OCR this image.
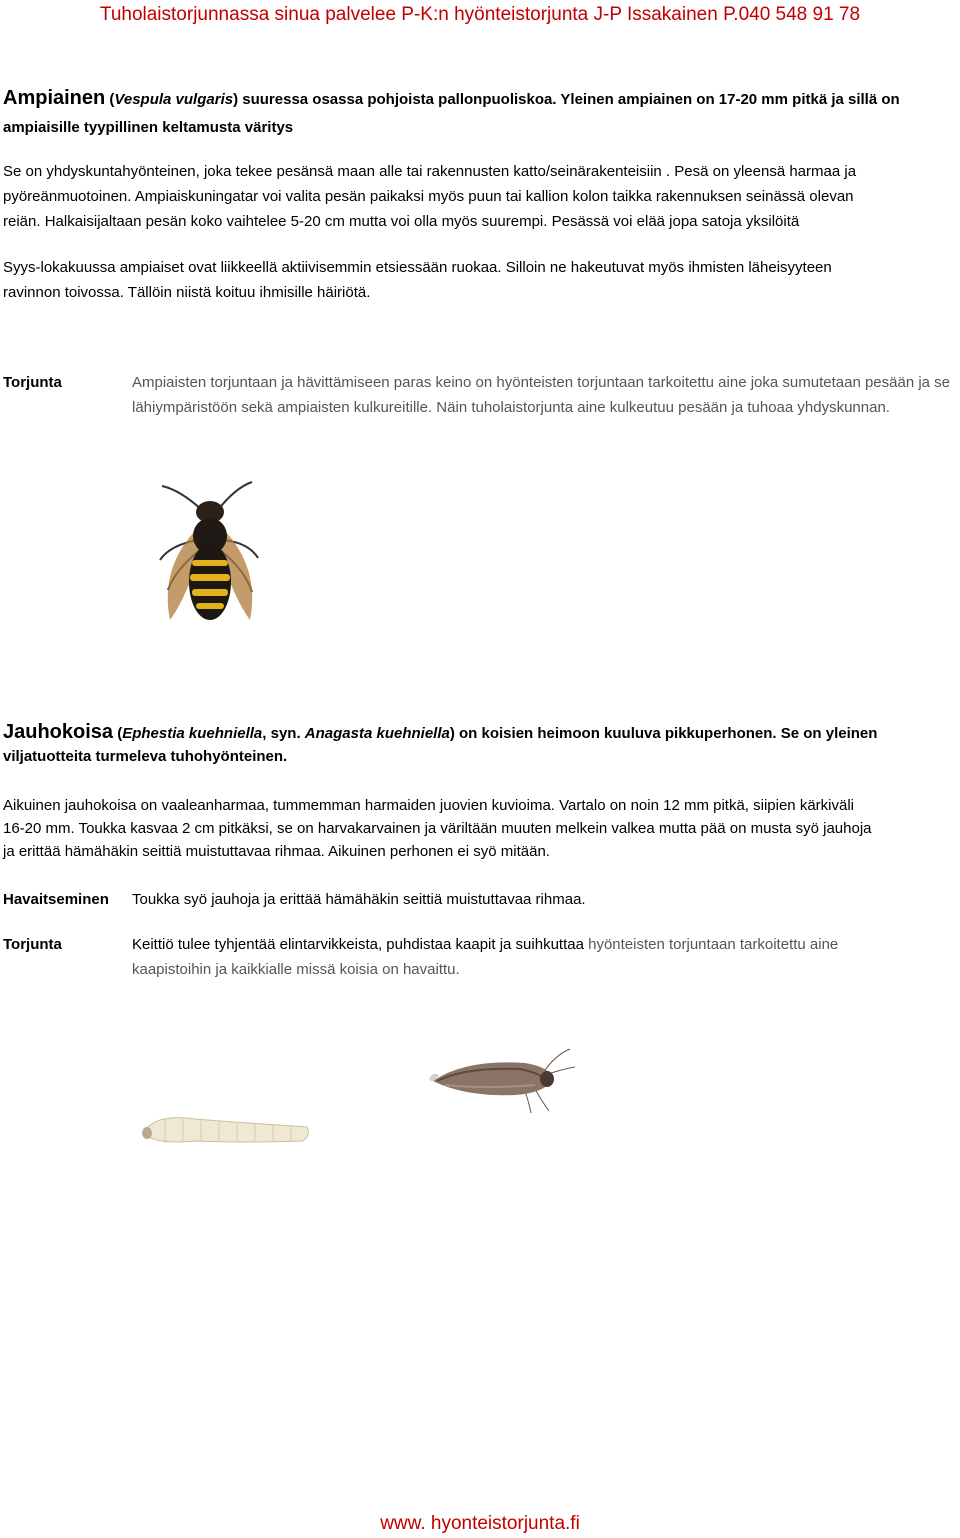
Tuholaistorjunnassa sinua palvelee P-K:n hyönteistorjunta J-P Issakainen P.040 548 91 78
Ampiainen (Vespula vulgaris) suuressa osassa pohjoista pallonpuoliskoa. Yleinen ampiainen on 17-20 mm pitkä ja sillä on
ampiaisille tyypillinen keltamusta väritys
Se on yhdyskuntahyönteinen, joka tekee pesänsä maan alle tai rakennusten katto/seinärakenteisiin . Pesä on yleensä harmaa ja
pyöreänmuotoinen. Ampiaiskuningatar voi valita pesän paikaksi myös puun tai kallion kolon taikka rakennuksen seinässä olevan
reiän. Halkaisijaltaan pesän koko vaihtelee 5-20 cm mutta voi olla myös suurempi. Pesässä voi elää jopa satoja yksilöitä
Syys-lokakuussa ampiaiset ovat liikkeellä aktiivisemmin etsiessään ruokaa. Silloin ne hakeutuvat myös ihmisten läheisyyteen
ravinnon toivossa. Tällöin niistä koituu ihmisille häiriötä.
Torjunta	Ampiaisten torjuntaan ja hävittämiseen paras keino on hyönteisten torjuntaan tarkoitettu aine joka sumutetaan pesään ja se lähiympäristöön sekä ampiaisten kulkureitille. Näin tuholaistorjunta aine kulkeutuu pesään ja tuhoaa yhdyskunnan.
Jauhokoisa (Ephestia kuehniella, syn. Anagasta kuehniella) on koisien heimoon kuuluva pikkuperhonen. Se on yleinen
viljatuotteita turmeleva tuhohyönteinen.
Aikuinen jauhokoisa on vaaleanharmaa, tummemman harmaiden juovien kuvioima. Vartalo on noin 12 mm pitkä, siipien kärkiväli
16-20 mm. Toukka kasvaa 2 cm pitkäksi, se on harvakarvainen ja väriltään muuten melkein valkea mutta pää on musta syö jauhoja
ja erittää hämähäkin seittiä muistuttavaa rihmaa. Aikuinen perhonen ei syö mitään.
Havaitseminen Toukka syö jauhoja ja erittää hämähäkin seittiä muistuttavaa rihmaa.
Torjunta	Keittiö tulee tyhjentää elintarvikkeista, puhdistaa kaapit ja suihkuttaa hyönteisten torjuntaan tarkoitettu aine
kaapistoihin ja kaikkialle missä koisia on havaittu.
www. hyonteistorjunta.fi
